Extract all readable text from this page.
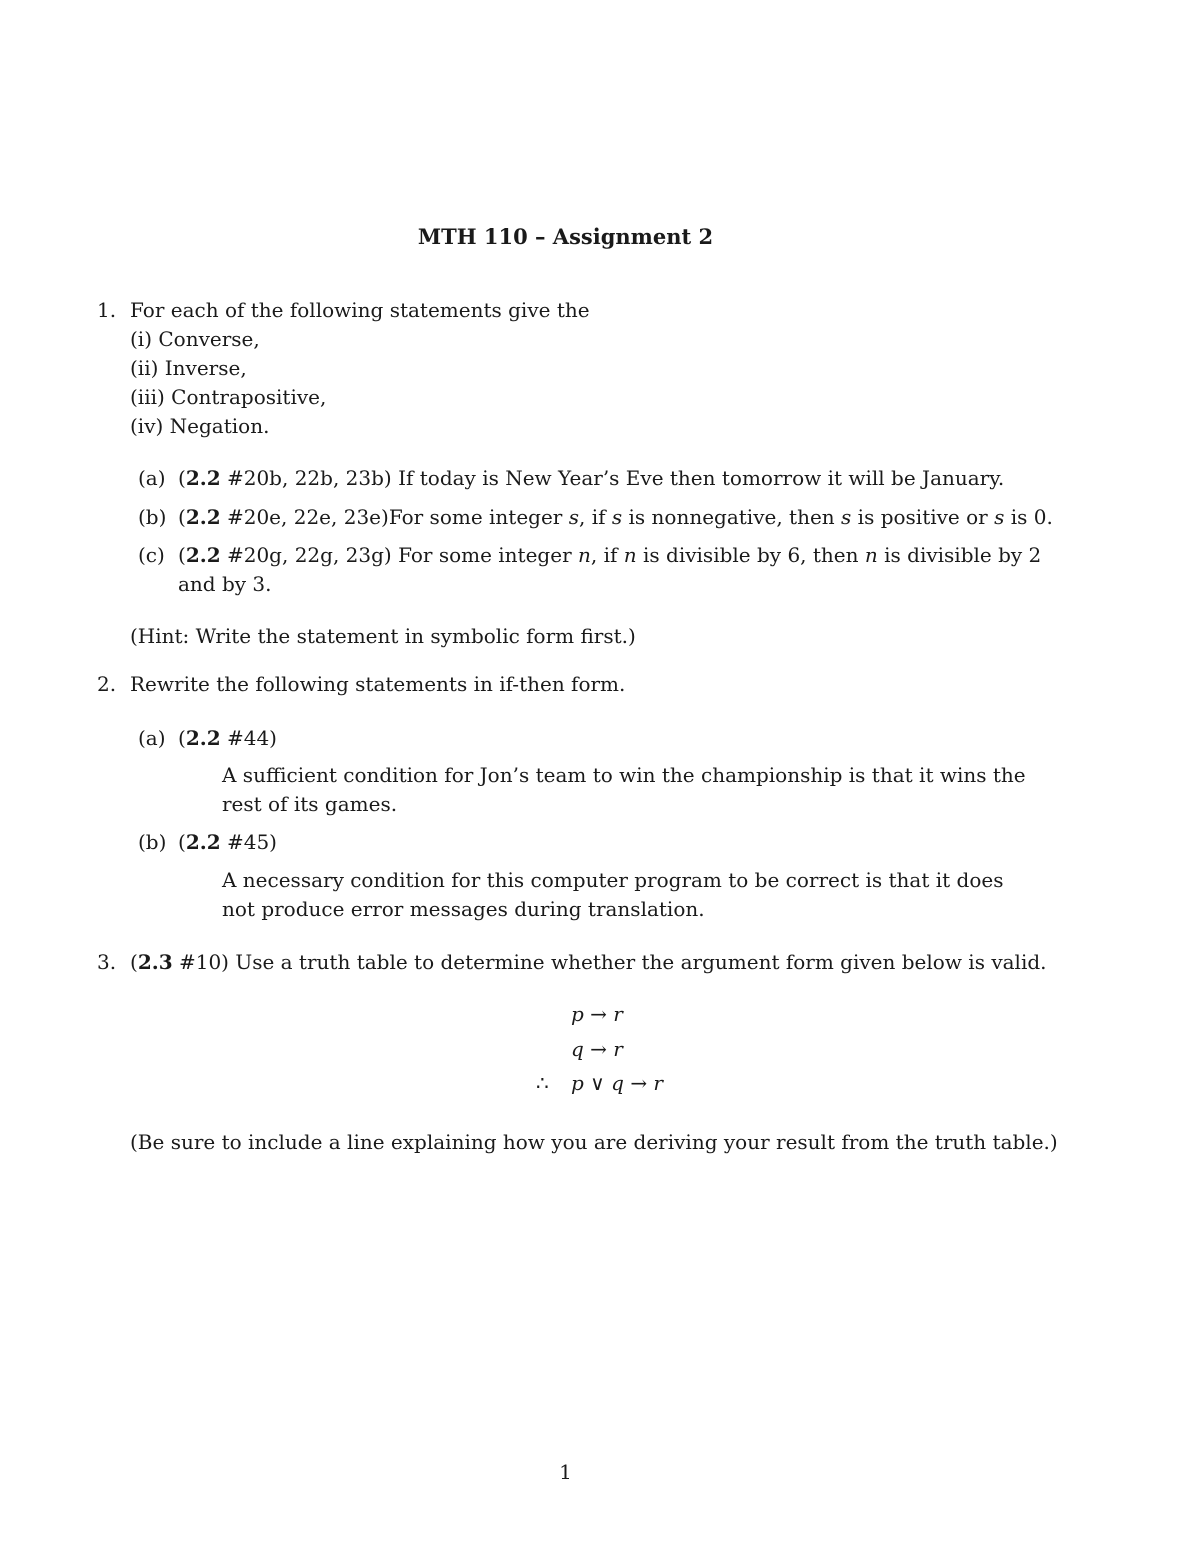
MTH 110 – Assignment 2
1. For each of the following statements give the
(i) Converse,
(ii) Inverse,
(iii) Contrapositive,
(iv) Negation.
(a) (2.2 #20b, 22b, 23b) If today is New Year’s Eve then tomorrow it will be January.
(b) (2.2 #20e, 22e, 23e)For some integer s, if s is nonnegative, then s is positive or s is 0.
(c) (2.2 #20g, 22g, 23g) For some integer n, if n is divisible by 6, then n is divisible by 2
and by 3.
(Hint: Write the statement in symbolic form first.)
2. Rewrite the following statements in if-then form.
(a) (2.2 #44)
A sufficient condition for Jon’s team to win the championship is that it wins the
rest of its games.
(b) (2.2 #45)
A necessary condition for this computer program to be correct is that it does
not produce error messages during translation.
3. (2.3 #10) Use a truth table to determine whether the argument form given below is valid.
p → r
q → r
∴ p ∨ q → r
(Be sure to include a line explaining how you are deriving your result from the truth table.)
1
